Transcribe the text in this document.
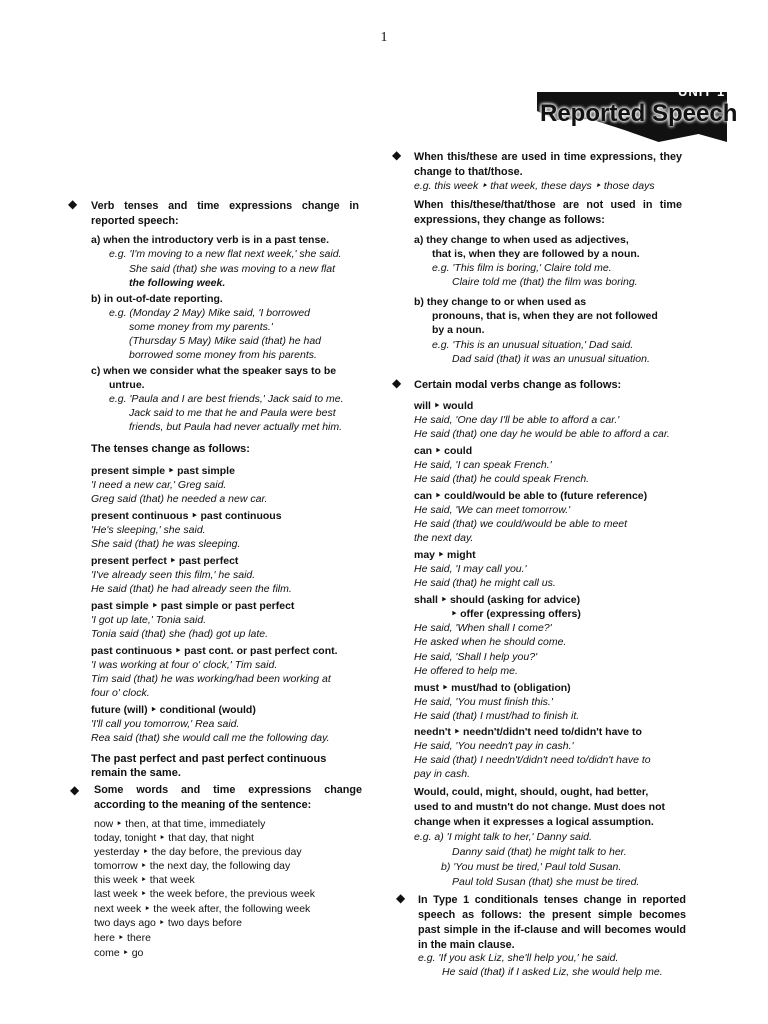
1
UNIT 1
Reported Speech
◆ Verb tenses and time expressions change in reported speech:
a) when the introductory verb is in a past tense.
e.g. 'I'm moving to a new flat next week,' she said.
She said (that) she was moving to a new flat
the following week.
b) in out-of-date reporting.
e.g. (Monday 2 May) Mike said, 'I borrowed
some money from my parents.'
(Thursday 5 May) Mike said (that) he had
borrowed some money from his parents.
c) when we consider what the speaker says to be
untrue.
e.g. 'Paula and I are best friends,' Jack said to me.
Jack said to me that he and Paula were best
friends, but Paula had never actually met him.
The tenses change as follows:
present simple ‣ past simple
'I need a new car,' Greg said.
Greg said (that) he needed a new car.
present continuous ‣ past continuous
'He's sleeping,' she said.
She said (that) he was sleeping.
present perfect ‣ past perfect
'I've already seen this film,' he said.
He said (that) he had already seen the film.
past simple ‣ past simple or past perfect
'I got up late,' Tonia said.
Tonia said (that) she (had) got up late.
past continuous ‣ past cont. or past perfect cont.
'I was working at four o' clock,' Tim said.
Tim said (that) he was working/had been working at
four o' clock.
future (will) ‣ conditional (would)
'I'll call you tomorrow,' Rea said.
Rea said (that) she would call me the following day.
The past perfect and past perfect continuous
remain the same.
◆ Some words and time expressions change according to the meaning of the sentence:
now ‣ then, at that time, immediately
today, tonight ‣ that day, that night
yesterday ‣ the day before, the previous day
tomorrow ‣ the next day, the following day
this week ‣ that week
last week ‣ the week before, the previous week
next week ‣ the week after, the following week
two days ago ‣ two days before
here ‣ there
come ‣ go
◆ When this/these are used in time expressions, they change to that/those.
e.g. this week ‣ that week, these days ‣ those days
When this/these/that/those are not used in time expressions, they change as follows:
a) they change to when used as adjectives,
that is, when they are followed by a noun.
e.g. 'This film is boring,' Claire told me.
Claire told me (that) the film was boring.
b) they change to or when used as
pronouns, that is, when they are not followed
by a noun.
e.g. 'This is an unusual situation,' Dad said.
Dad said (that) it was an unusual situation.
◆ Certain modal verbs change as follows:
will ‣ would
He said, 'One day I'll be able to afford a car.'
He said (that) one day he would be able to afford a car.
can ‣ could
He said, 'I can speak French.'
He said (that) he could speak French.
can ‣ could/would be able to (future reference)
He said, 'We can meet tomorrow.'
He said (that) we could/would be able to meet
the next day.
may ‣ might
He said, 'I may call you.'
He said (that) he might call us.
shall ‣ should (asking for advice)
‣ offer (expressing offers)
He said, 'When shall I come?'
He asked when he should come.
He said, 'Shall I help you?'
He offered to help me.
must ‣ must/had to (obligation)
He said, 'You must finish this.'
He said (that) I must/had to finish it.
needn't ‣ needn't/didn't need to/didn't have to
He said, 'You needn't pay in cash.'
He said (that) I needn't/didn't need to/didn't have to
pay in cash.
Would, could, might, should, ought, had better,
used to and mustn't do not change. Must does not
change when it expresses a logical assumption.
e.g. a) 'I might talk to her,' Danny said.
Danny said (that) he might talk to her.
b) 'You must be tired,' Paul told Susan.
Paul told Susan (that) she must be tired.
◆ In Type 1 conditionals tenses change in reported speech as follows: the present simple becomes past simple in the if-clause and will becomes would in the main clause.
e.g. 'If you ask Liz, she'll help you,' he said.
He said (that) if I asked Liz, she would help me.
